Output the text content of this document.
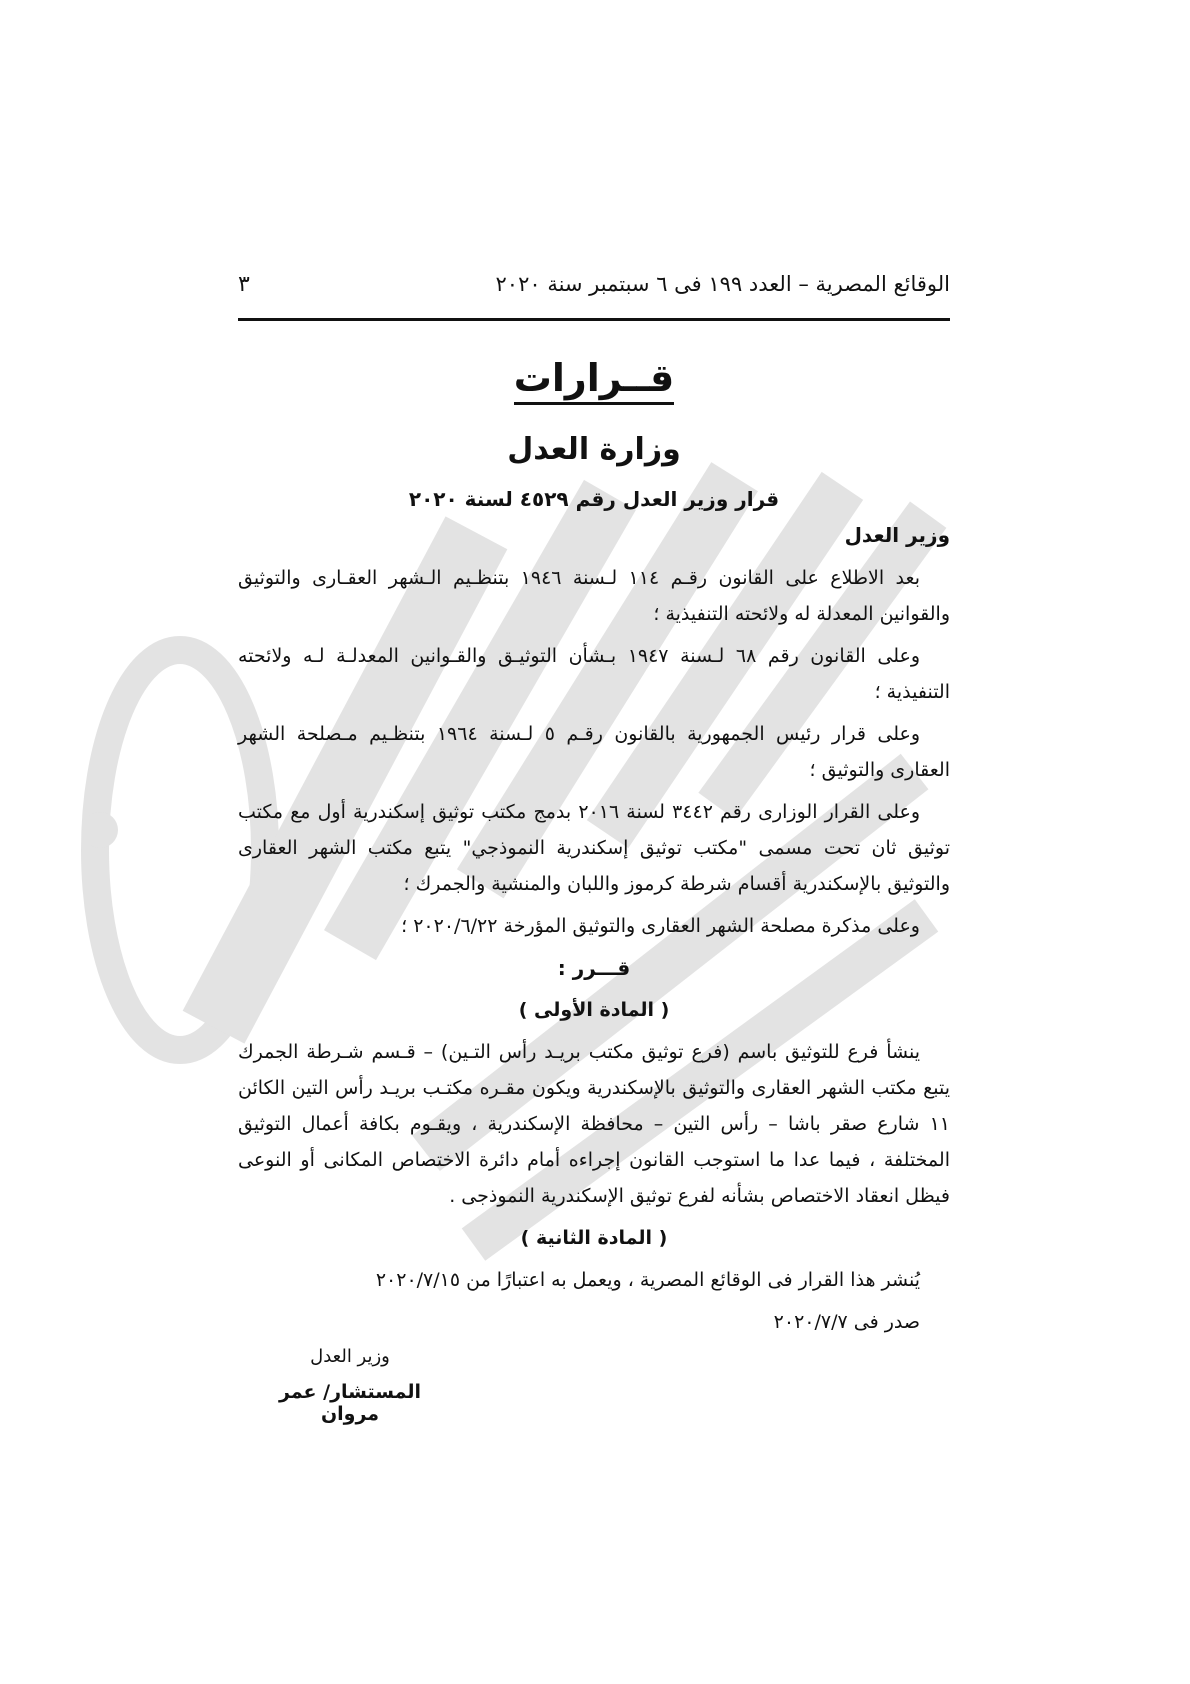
الوقائع المصرية – العدد ١٩٩ فى ٦ سبتمبر سنة ٢٠٢٠
٣
قــرارات
وزارة العدل
قرار وزير العدل رقم ٤٥٢٩ لسنة ٢٠٢٠
وزير العدل

بعد الاطلاع على القانون رقـم ١١٤ لـسنة ١٩٤٦ بتنظـيم الـشهر العقـارى والتوثيق والقوانين المعدلة له ولائحته التنفيذية ؛

وعلى القانون رقم ٦٨ لـسنة ١٩٤٧ بـشأن التوثيـق والقـوانين المعدلـة لـه ولائحته التنفيذية ؛

وعلى قرار رئيس الجمهورية بالقانون رقـم ٥ لـسنة ١٩٦٤ بتنظـيم مـصلحة الشهر العقارى والتوثيق ؛

وعلى القرار الوزارى رقم ٣٤٤٢ لسنة ٢٠١٦ بدمج مكتب توثيق إسكندرية أول مع مكتب توثيق ثان تحت مسمى "مكتب توثيق إسكندرية النموذجي" يتبع مكتب الشهر العقارى والتوثيق بالإسكندرية أقسام شرطة كرموز واللبان والمنشية والجمرك ؛

وعلى مذكرة مصلحة الشهر العقارى والتوثيق المؤرخة ٢٠٢٠/٦/٢٢ ؛

قـــرر :

( المادة الأولى )

ينشأ فرع للتوثيق باسم (فرع توثيق مكتب بريـد رأس التـين) – قـسم شـرطة الجمرك يتبع مكتب الشهر العقارى والتوثيق بالإسكندرية ويكون مقـره مكتـب بريـد رأس التين الكائن ١١ شارع صقر باشا – رأس التين – محافظة الإسكندرية ، ويقـوم بكافة أعمال التوثيق المختلفة ، فيما عدا ما استوجب القانون إجراءه أمام دائرة الاختصاص المكانى أو النوعى فيظل انعقاد الاختصاص بشأنه لفرع توثيق الإسكندرية النموذجى .

( المادة الثانية )

يُنشر هذا القرار فى الوقائع المصرية ، ويعمل به اعتبارًا من ٢٠٢٠/٧/١٥

صدر فى ٢٠٢٠/٧/٧

وزير العدل
المستشار/ عمر مروان
